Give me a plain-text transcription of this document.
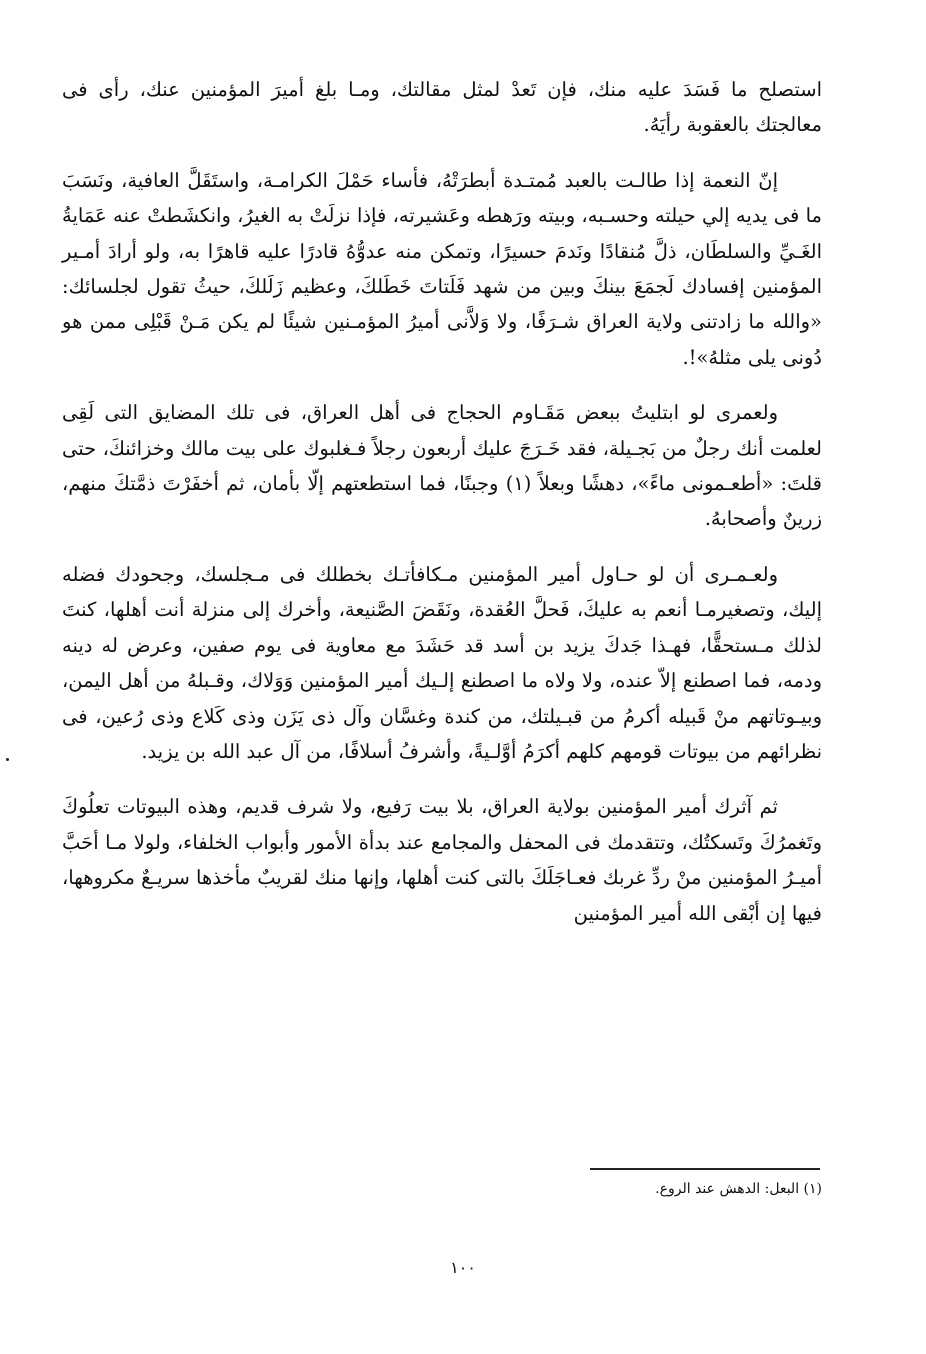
استصلح ما فَسَدَ عليه منك، فإن تَعدْ لمثل مقالتك، ومـا بلغ أميرَ المؤمنين عنك، رأى فى معالجتك بالعقوبة رأيَهُ.

إنّ النعمة إذا طالـت بالعبد مُمتـدة أبطرَتْهُ، فأساء حَمْلَ الكرامـة، واستَقَلَّ العافية، ونَسَبَ ما فى يديه إلي حيلته وحسـبه، وبيته ورَهطه وعَشيرته، فإذا نزلَتْ به الغيرُ، وانكشَطتْ عنه عَمَايةُ الغَـيِّ والسلطَان، ذلَّ مُنقادًا ونَدمَ حسيرًا، وتمكن منه عدوُّهُ قادرًا عليه قاهرًا به، ولو أرادَ أمـير المؤمنين إفسادك لَجمَعَ بينكَ وبين من شهد فَلَتاتَ خَطَلكَ، وعظيم زَلَلكَ، حيثُ تقول لجلسائك: «والله ما زادتنى ولاية العراق شـرَفًا، ولا وَلاَّنى أميرُ المؤمـنين شيئًا لم يكن مَـنْ قَبْلِى ممن هو دُونى يلى مثلهُ»!.

ولعمرى لو ابتليتُ ببعض مَقَـاوم الحجاج فى أهل العراق، فى تلك المضايق التى لَقِى لعلمت أنك رجلٌ من بَجـيلة، فقد خَـرَجَ عليك أربعون رجلاً فـغلبوك على بيت مالك وخزائنكَ، حتى قلتَ: «أطعـمونى ماءً»، دهشًا وبعلاً (١) وجبنًا، فما استطعتهم إلّا بأمان، ثم أخفَرْتَ ذمَّتكَ منهم، زرينٌ وأصحابهُ.

ولعـمـرى أن لو حـاول أمير المؤمنين مـكافأتـك بخطلك فى مـجلسك، وجحودك فضله إليك، وتصغيرمـا أنعم به عليكَ، فَحلَّ العُقدة، ونَقَضَ الصَّنيعة، وأخرك إلى منزلة أنت أهلها، كنتَ لذلك مـستحقًّا، فهـذا جَدكَ يزيد بن أسد قد حَشَدَ مع معاوية فى يوم صفين، وعرض له دينه ودمه، فما اصطنع إلاّ عنده، ولا ولاه ما اصطنع إلـيك أمير المؤمنين وَوَلاك، وقـبلهُ من أهل اليمن، وبيـوتاتهم منْ قَبيله أكرمُ من قبـيلتك، من كندة وغسَّان وآل ذى يَزَن وذى كَلاع وذى رُعين، فى نظرائهم من بيوتات قومهم كلهم أكرَمُ أوَّلـيةً، وأشرفُ أسلافًا، من آل عبد الله بن يزيد.

ثم آثرك أمير المؤمنين بولاية العراق، بلا بيت رَفيع، ولا شرف قديم، وهذه البيوتات تعلُوكَ وتَغمرُكَ وتَسكتُك، وتتقدمك فى المحفل والمجامع عند بدأة الأمور وأبواب الخلفاء، ولولا مـا أحَبَّ أميـرُ المؤمنين منْ ردِّ غربك فعـاجَلَكَ بالتى كنت أهلها، وإنها منك لقريبٌ مأخذها سريـعٌ مكروهها، فيها إن أبْقى الله أمير المؤمنين

(١) البعل: الدهش عند الروع.
١٠٠
